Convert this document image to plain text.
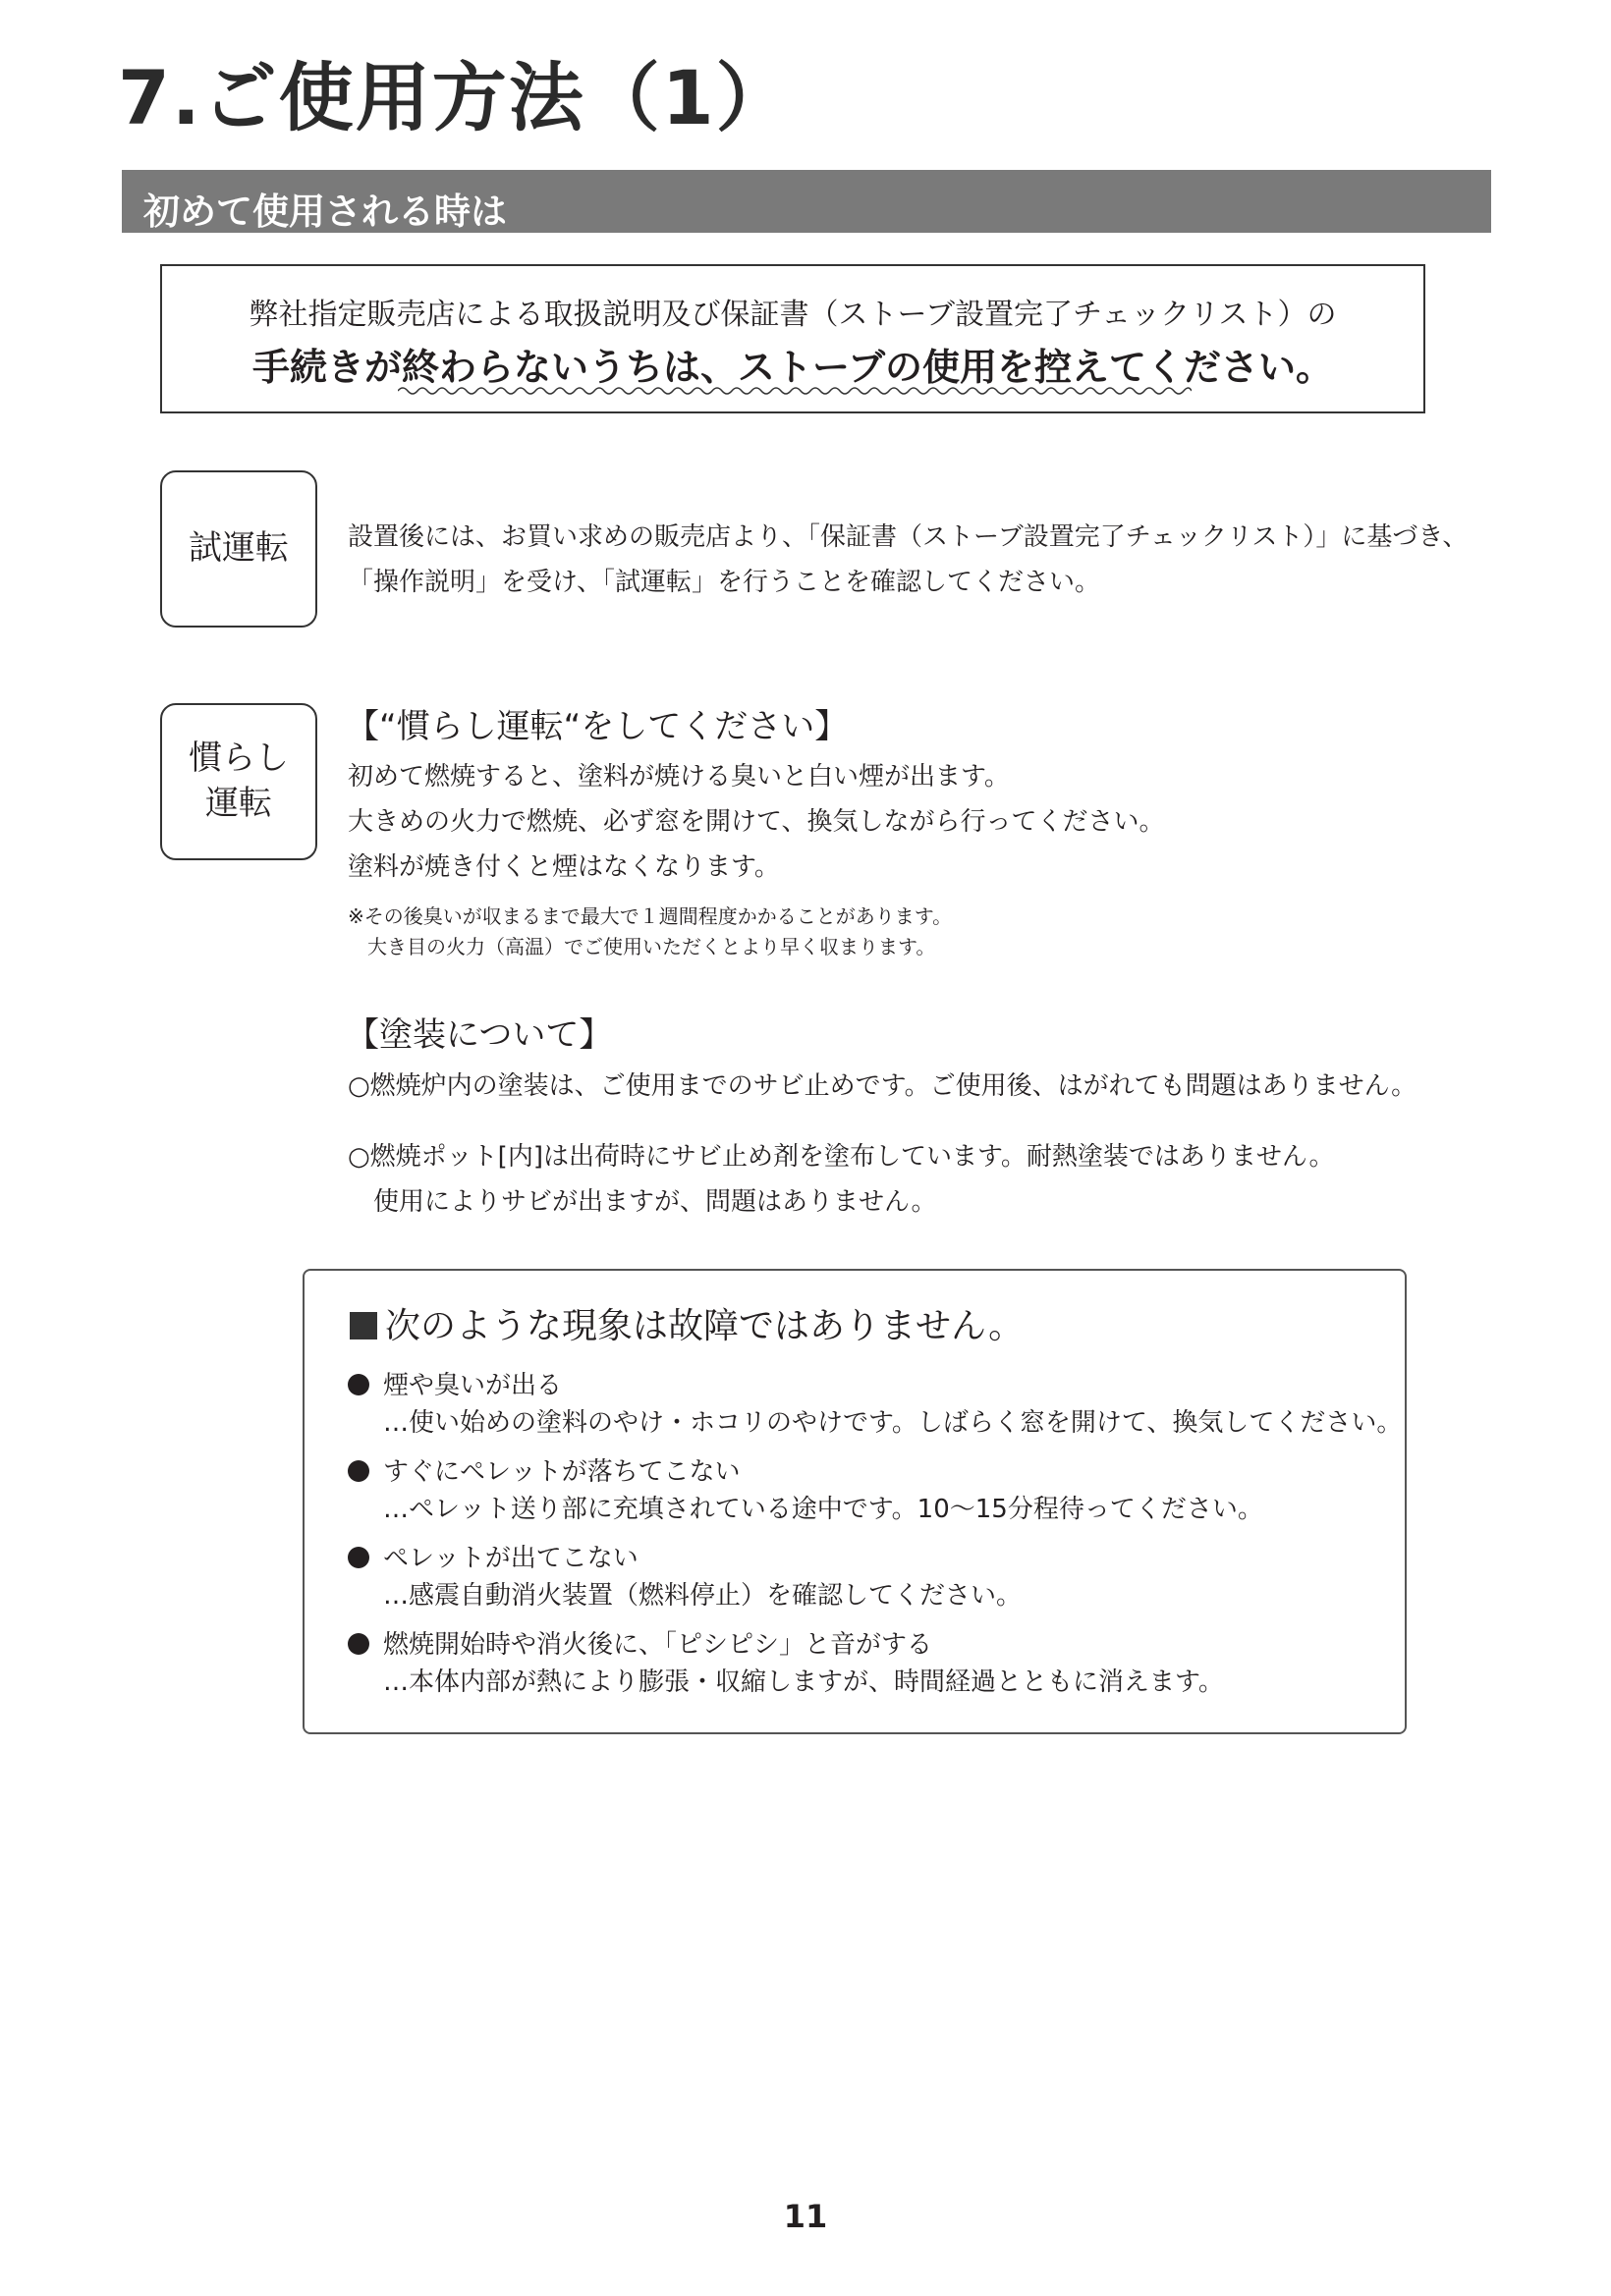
7.ご使用方法（1）
初めて使用される時は
弊社指定販売店による取扱説明及び保証書（ストーブ設置完了チェックリスト）の
手続きが終わらないうちは、ストーブの使用を控えてください。
試運転 設置後には、お買い求めの販売店より、「保証書（ストーブ設置完了チェックリスト）」に基づき、
「操作説明」を受け、「試運転」を行うことを確認してください。
慣らし
運転
【“慣らし運転“をしてください】
初めて燃焼すると、塗料が焼ける臭いと白い煙が出ます。
大きめの火力で燃焼、必ず窓を開けて、換気しながら行ってください。
塗料が焼き付くと煙はなくなります。
※その後臭いが収まるまで最大で１週間程度かかることがあります。
　大き目の火力（高温）でご使用いただくとより早く収まります。
【塗装について】
○燃焼炉内の塗装は、ご使用までのサビ止めです。ご使用後、はがれても問題はありません。
○燃焼ポット[内]は出荷時にサビ止め剤を塗布しています。耐熱塗装ではありません。
　使用によりサビが出ますが、問題はありません。
次のような現象は故障ではありません。
煙や臭いが出る
…使い始めの塗料のやけ・ホコリのやけです。しばらく窓を開けて、換気してください。
すぐにペレットが落ちてこない
…ペレット送り部に充填されている途中です。10〜15分程待ってください。
ペレットが出てこない
…感震自動消火装置（燃料停止）を確認してください。
燃焼開始時や消火後に、「ピシピシ」と音がする
…本体内部が熱により膨張・収縮しますが、時間経過とともに消えます。
11
